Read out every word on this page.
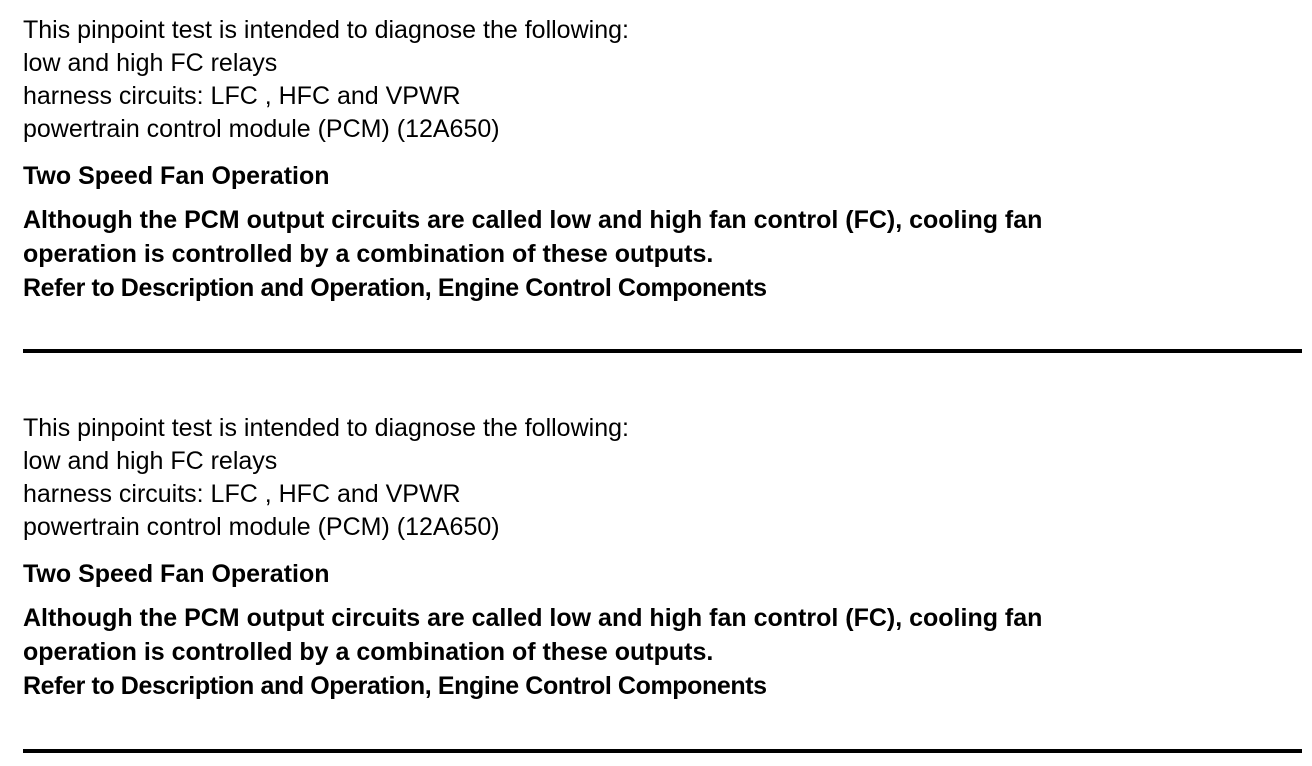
This pinpoint test is intended to diagnose the following:
low and high FC relays
harness circuits: LFC , HFC and VPWR
powertrain control module (PCM) (12A650)
Two Speed Fan Operation
Although the PCM output circuits are called low and high fan control (FC), cooling fan
operation is controlled by a combination of these outputs.
Refer to Description and Operation, Engine Control Components
This pinpoint test is intended to diagnose the following:
low and high FC relays
harness circuits: LFC , HFC and VPWR
powertrain control module (PCM) (12A650)
Two Speed Fan Operation
Although the PCM output circuits are called low and high fan control (FC), cooling fan
operation is controlled by a combination of these outputs.
Refer to Description and Operation, Engine Control Components
